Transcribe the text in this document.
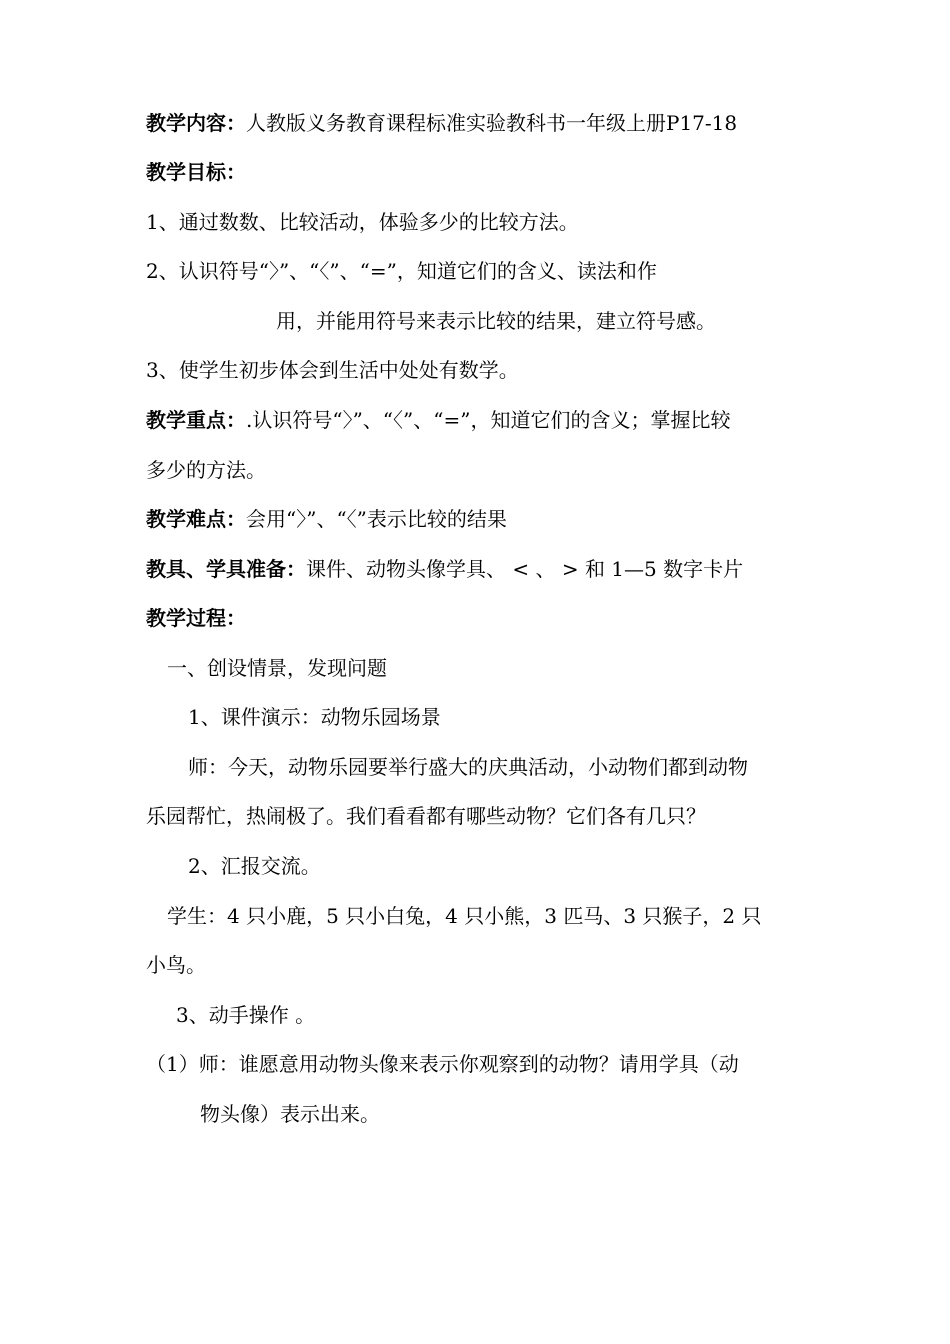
教学内容：人教版义务教育课程标准实验教科书一年级上册P17-18
教学目标：
1、通过数数、比较活动，体验多少的比较方法。
2、认识符号“〉”、“〈”、“=”，知道它们的含义、读法和作
用，并能用符号来表示比较的结果，建立符号感。
3、使学生初步体会到生活中处处有数学。
教学重点：.认识符号“〉”、“〈”、“=”，知道它们的含义；掌握比较
多少的方法。
教学难点：会用“〉”、“〈”表示比较的结果
教具、学具准备：课件、动物头像学具、 < 、 > 和 1—5 数字卡片
教学过程：
一、创设情景，发现问题
1、课件演示：动物乐园场景
师：今天，动物乐园要举行盛大的庆典活动，小动物们都到动物
乐园帮忙，热闹极了。我们看看都有哪些动物？它们各有几只？
2、汇报交流。
学生：4 只小鹿，5 只小白兔，4 只小熊，3 匹马、3 只猴子，2 只
小鸟。
3、动手操作 。
（1）师：谁愿意用动物头像来表示你观察到的动物？请用学具（动
物头像）表示出来。
